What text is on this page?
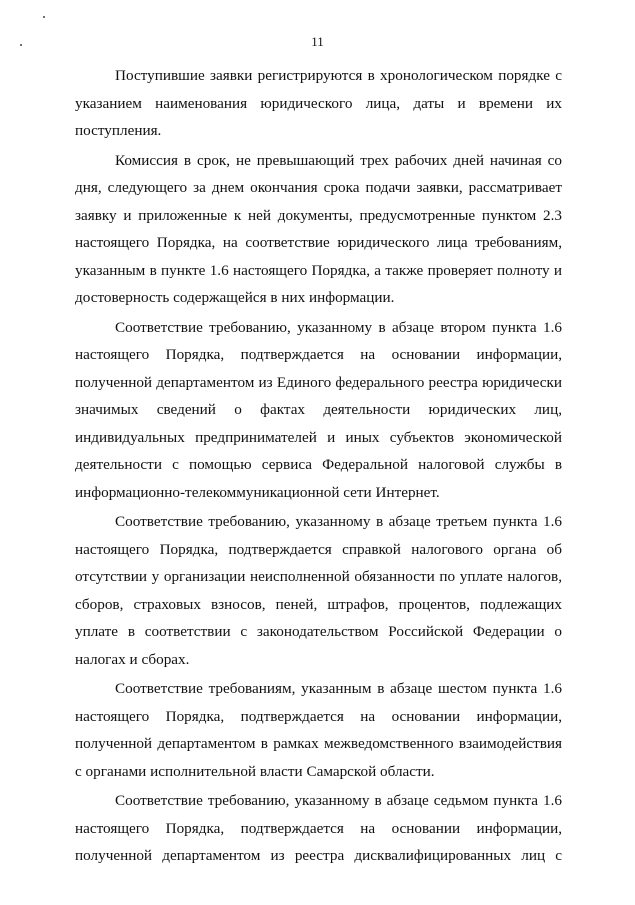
11
Поступившие заявки регистрируются в хронологическом порядке с
указанием наименования юридического лица, даты и времени их
поступления.
Комиссия в срок, не превышающий трех рабочих дней начиная со
дня, следующего за днем окончания срока подачи заявки, рассматривает
заявку и приложенные к ней документы, предусмотренные пунктом 2.3
настоящего Порядка, на соответствие юридического лица требованиям,
указанным в пункте 1.6 настоящего Порядка, а также проверяет полноту и
достоверность содержащейся в них информации.
Соответствие требованию, указанному в абзаце втором пункта 1.6
настоящего Порядка, подтверждается на основании информации,
полученной департаментом из Единого федерального реестра юридически
значимых сведений о фактах деятельности юридических лиц,
индивидуальных предпринимателей и иных субъектов экономической
деятельности с помощью сервиса Федеральной налоговой службы в
информационно-телекоммуникационной сети Интернет.
Соответствие требованию, указанному в абзаце третьем пункта 1.6
настоящего Порядка, подтверждается справкой налогового органа об
отсутствии у организации неисполненной обязанности по уплате налогов,
сборов, страховых взносов, пеней, штрафов, процентов, подлежащих
уплате в соответствии с законодательством Российской Федерации о
налогах и сборах.
Соответствие требованиям, указанным в абзаце шестом пункта 1.6
настоящего Порядка, подтверждается на основании информации,
полученной департаментом в рамках межведомственного взаимодействия
с органами исполнительной власти Самарской области.
Соответствие требованию, указанному в абзаце седьмом пункта 1.6
настоящего Порядка, подтверждается на основании информации,
полученной департаментом из реестра дисквалифицированных лиц с
